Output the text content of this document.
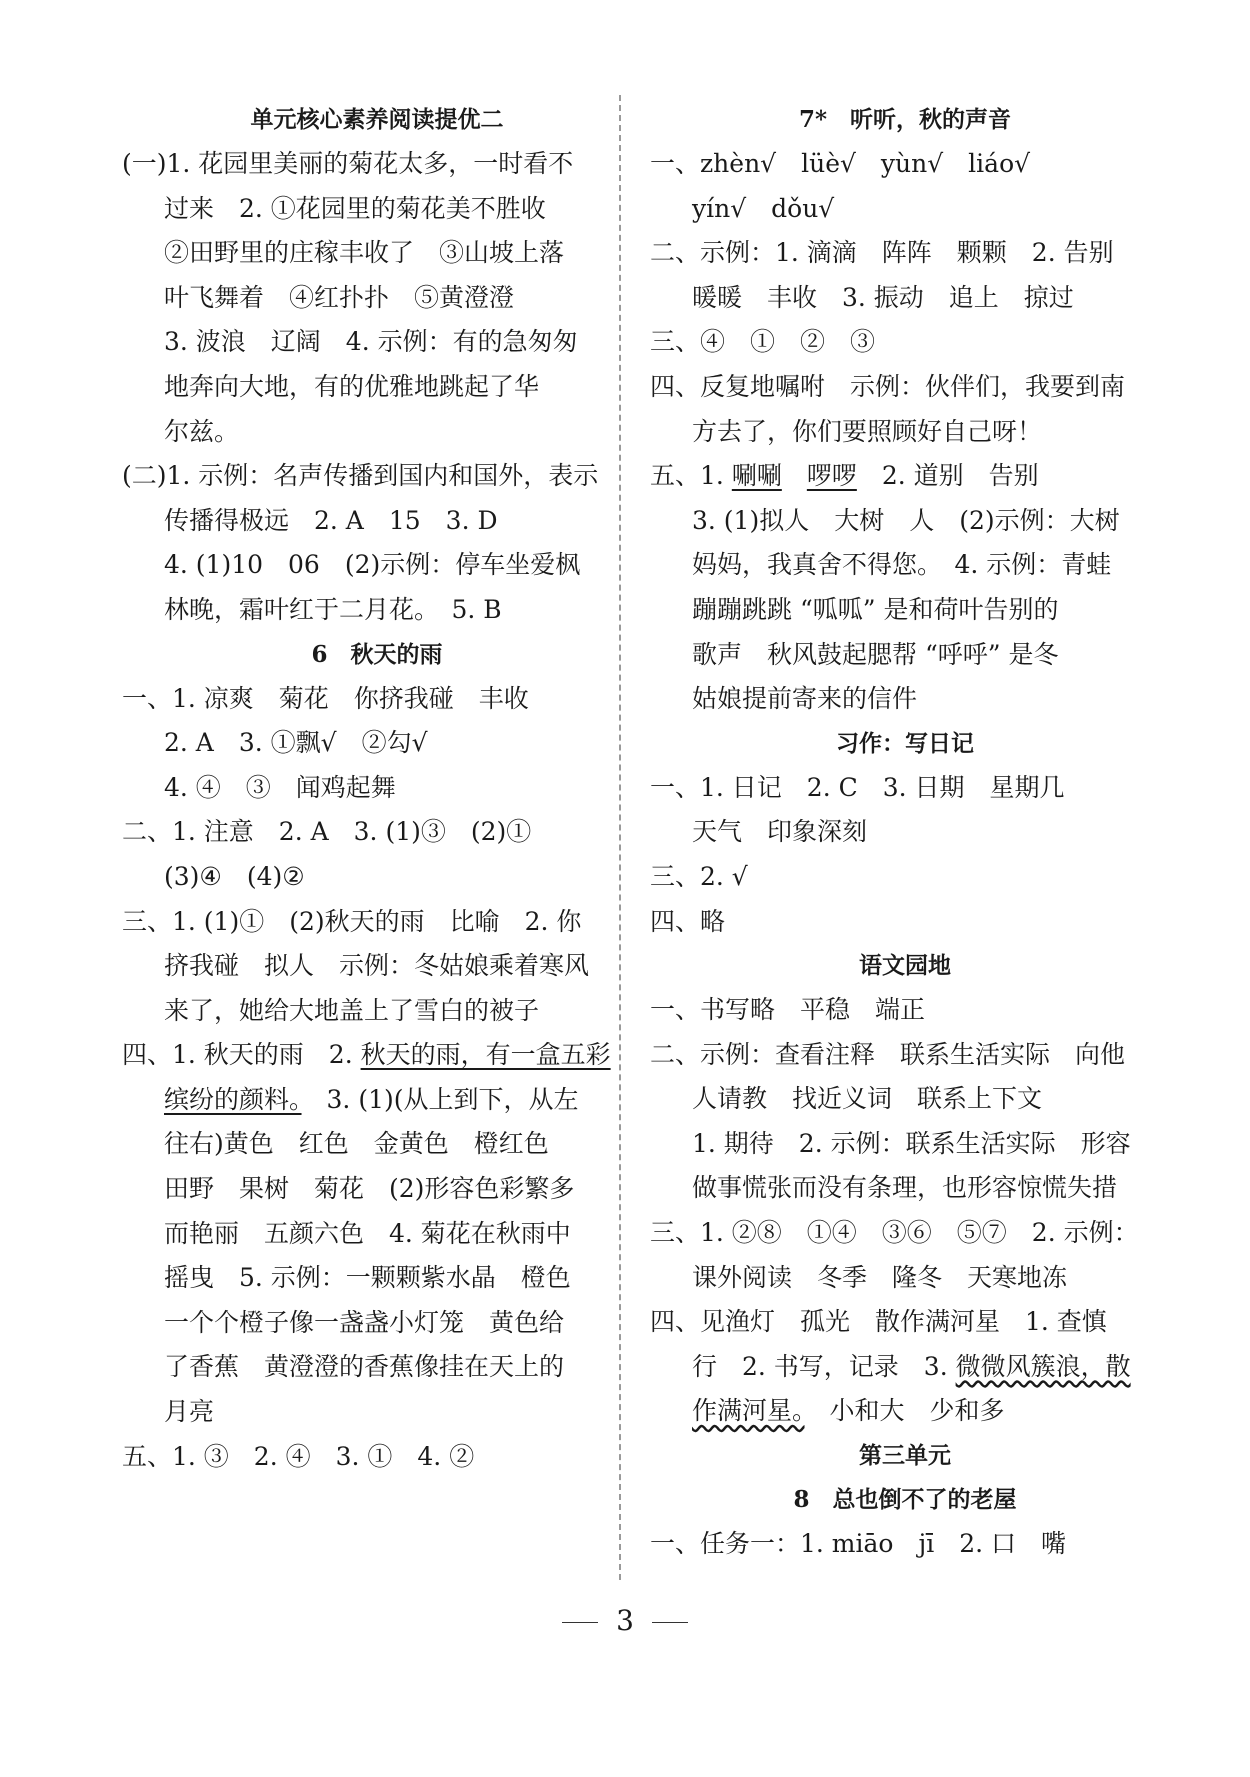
单元核心素养阅读提优二
(一)1. 花园里美丽的菊花太多，一时看不
过来　2. ①花园里的菊花美不胜收
②田野里的庄稼丰收了　③山坡上落
叶飞舞着　④红扑扑　⑤黄澄澄
3. 波浪　辽阔　4. 示例：有的急匆匆
地奔向大地，有的优雅地跳起了华
尔兹。
(二)1. 示例：名声传播到国内和国外，表示
传播得极远　2. A　15　3. D
4. (1)10　06　(2)示例：停车坐爱枫
林晚，霜叶红于二月花。　5. B
6　秋天的雨
一、1. 凉爽　菊花　你挤我碰　丰收
2. A　3. ①飘√　②勾√
4. ④　③　闻鸡起舞
二、1. 注意　2. A　3. (1)③　(2)①
(3)④　(4)②
三、1. (1)①　(2)秋天的雨　比喻　2. 你
挤我碰　拟人　示例：冬姑娘乘着寒风
来了，她给大地盖上了雪白的被子
四、1. 秋天的雨　2. 秋天的雨，有一盒五彩
缤纷的颜料。　3. (1)(从上到下，从左
往右)黄色　红色　金黄色　橙红色
田野　果树　菊花　(2)形容色彩繁多
而艳丽　五颜六色　4. 菊花在秋雨中
摇曳　5. 示例：一颗颗紫水晶　橙色
一个个橙子像一盏盏小灯笼　黄色给
了香蕉　黄澄澄的香蕉像挂在天上的
月亮
五、1. ③　2. ④　3. ①　4. ②
7*　听听，秋的声音
一、zhèn√　lüè√　yùn√　liáo√
yín√　dǒu√
二、示例：1. 滴滴　阵阵　颗颗　2. 告别
暖暖　丰收　3. 振动　追上　掠过
三、④　①　②　③
四、反复地嘱咐　示例：伙伴们，我要到南
方去了，你们要照顾好自己呀！
五、1. 唰唰　 啰啰　2. 道别　告别
3. (1)拟人　大树　人　(2)示例：大树
妈妈，我真舍不得您。　4. 示例：青蛙
蹦蹦跳跳 “呱呱” 是和荷叶告别的
歌声　秋风鼓起腮帮 “呼呼” 是冬
姑娘提前寄来的信件
习作：写日记
一、1. 日记　2. C　3. 日期　星期几
天气　印象深刻
三、2. √
四、略
语文园地
一、书写略　平稳　端正
二、示例：查看注释　联系生活实际　向他
人请教　找近义词　联系上下文
1. 期待　2. 示例：联系生活实际　形容
做事慌张而没有条理，也形容惊慌失措
三、1. ②⑧　①④　③⑥　⑤⑦　2. 示例：
课外阅读　冬季　隆冬　天寒地冻
四、见渔灯　孤光　散作满河星　1. 查慎
行　2. 书写，记录　3. 微微风簇浪，散
作满河星。　小和大　少和多
第三单元
8　总也倒不了的老屋
一、任务一：1. miāo　jī　2. 口　嘴
3
